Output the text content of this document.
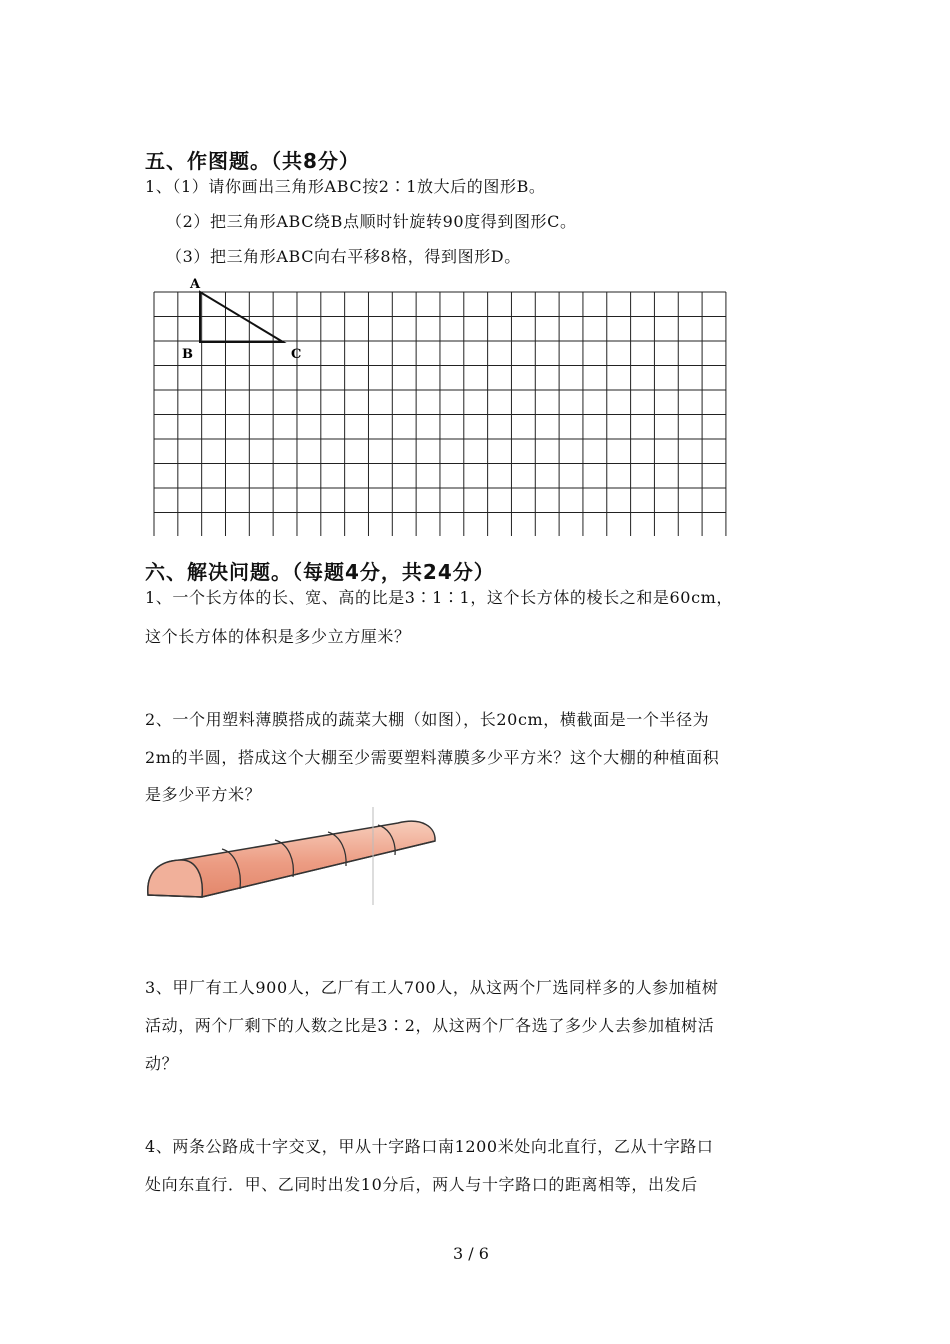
五、作图题。（共8分）
1、（1）请你画出三角形ABC按2∶1放大后的图形B。
（2）把三角形ABC绕B点顺时针旋转90度得到图形C。
（3）把三角形ABC向右平移8格，得到图形D。
A
B	C
六、解决问题。（每题4分，共24分）
1、一个长方体的长、宽、高的比是3∶1∶1，这个长方体的棱长之和是60cm，
这个长方体的体积是多少立方厘米？
2、一个用塑料薄膜搭成的蔬菜大棚（如图），长20cm，横截面是一个半径为
2m的半圆，搭成这个大棚至少需要塑料薄膜多少平方米？这个大棚的种植面积
是多少平方米？
3、甲厂有工人900人，乙厂有工人700人，从这两个厂选同样多的人参加植树
活动，两个厂剩下的人数之比是3∶2，从这两个厂各选了多少人去参加植树活
动？
4、两条公路成十字交叉，甲从十字路口南1200米处向北直行，乙从十字路口
处向东直行．甲、乙同时出发10分后，两人与十字路口的距离相等，出发后
3 / 6
